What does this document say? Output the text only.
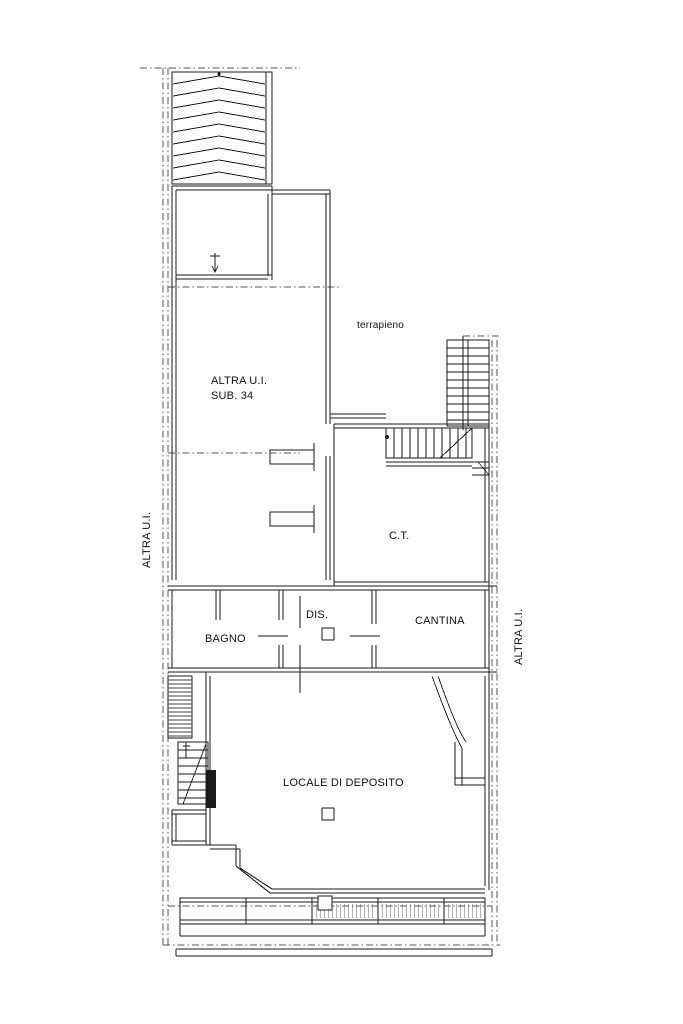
ALTRA U.I.
SUB. 34
terrapieno
C.T.
BAGNO
DIS.	CANTINA
LOCALE DI DEPOSITO
ALTRA U.I.
ALTRA U.I.
